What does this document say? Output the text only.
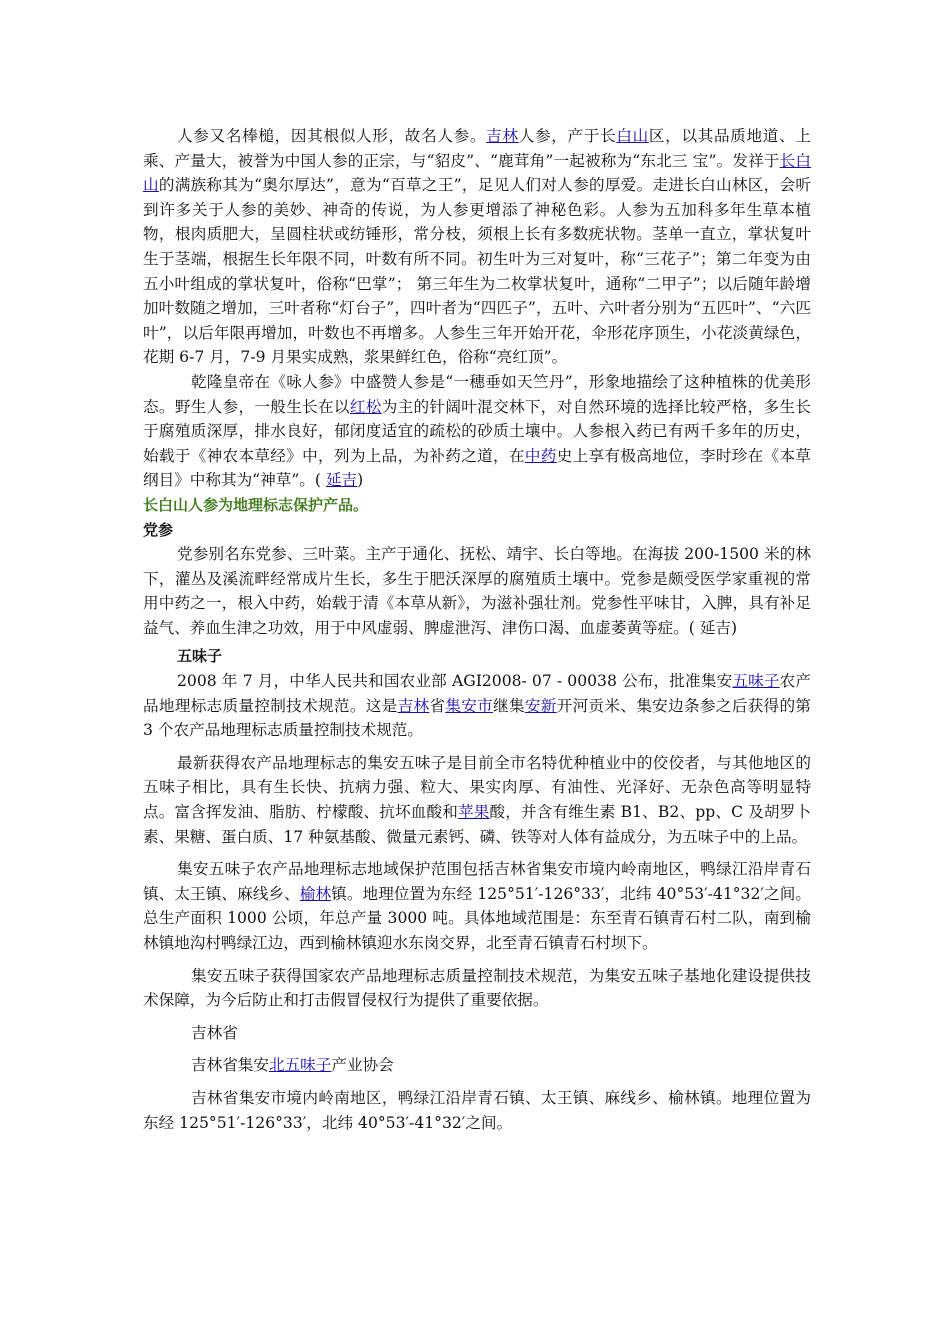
人参又名棒槌，因其根似人形，故名人参。吉林人参，产于长白山区，以其品质地道、上乘、产量大，被誉为中国人参的正宗，与“貂皮”、“鹿茸角”一起被称为“东北三 宝”。发祥于长白山的满族称其为“奥尔厚达”，意为“百草之王”，足见人们对人参的厚爱。走进长白山林区，会听到许多关于人参的美妙、神奇的传说，为人参更增添了神秘色彩。人参为五加科多年生草本植物，根肉质肥大，呈圆柱状或纺锤形，常分枝，须根上长有多数疣状物。茎单一直立，掌状复叶生于茎端，根据生长年限不同，叶数有所不同。初生叶为三对复叶，称“三花子”；第二年变为由五小叶组成的掌状复叶，俗称“巴掌”； 第三年生为二枚掌状复叶，通称“二甲子”；以后随年龄增加叶数随之增加，三叶者称“灯台子”，四叶者为“四匹子”，五叶、六叶者分别为“五匹叶”、“六匹叶”，以后年限再增加，叶数也不再增多。人参生三年开始开花，伞形花序顶生，小花淡黄绿色，花期 6-7 月，7-9 月果实成熟，浆果鲜红色，俗称“亮红顶”。

乾隆皇帝在《咏人参》中盛赞人参是“一穗垂如天竺丹”，形象地描绘了这种植株的优美形态。野生人参，一般生长在以红松为主的针阔叶混交林下，对自然环境的选择比较严格，多生长于腐殖质深厚，排水良好，郁闭度适宜的疏松的砂质土壤中。人参根入药已有两千多年的历史，始载于《神农本草经》中，列为上品，为补药之道，在中药史上享有极高地位，李时珍在《本草纲目》中称其为“神草”。( 延吉)

长白山人参为地理标志保护产品。

党参

党参别名东党参、三叶菜。主产于通化、抚松、靖宇、长白等地。在海拔 200-1500 米的林下，灌丛及溪流畔经常成片生长，多生于肥沃深厚的腐殖质土壤中。党参是颇受医学家重视的常用中药之一，根入中药，始载于清《本草从新》，为滋补强壮剂。党参性平味甘，入脾，具有补足益气、养血生津之功效，用于中风虚弱、脾虚泄泻、津伤口渴、血虚萎黄等症。( 延吉)

五味子

2008 年 7 月，中华人民共和国农业部 AGI2008- 07 - 00038 公布，批准集安五味子农产品地理标志质量控制技术规范。这是吉林省集安市继集安新开河贡米、集安边条参之后获得的第 3 个农产品地理标志质量控制技术规范。

最新获得农产品地理标志的集安五味子是目前全市名特优种植业中的佼佼者，与其他地区的五味子相比，具有生长快、抗病力强、粒大、果实肉厚、有油性、光泽好、无杂色高等明显特点。富含挥发油、脂肪、柠檬酸、抗坏血酸和苹果酸，并含有维生素 B1、B2、pp、C 及胡罗卜素、果糖、蛋白质、17 种氨基酸、微量元素钙、磷、铁等对人体有益成分，为五味子中的上品。

集安五味子农产品地理标志地域保护范围包括吉林省集安市境内岭南地区，鸭绿江沿岸青石镇、太王镇、麻线乡、榆林镇。地理位置为东经 125°51′-126°33′，北纬 40°53′-41°32′之间。总生产面积 1000 公顷，年总产量 3000 吨。具体地域范围是：东至青石镇青石村二队，南到榆林镇地沟村鸭绿江边，西到榆林镇迎水东岗交界，北至青石镇青石村坝下。

集安五味子获得国家农产品地理标志质量控制技术规范，为集安五味子基地化建设提供技术保障，为今后防止和打击假冒侵权行为提供了重要依据。

吉林省

吉林省集安北五味子产业协会

吉林省集安市境内岭南地区，鸭绿江沿岸青石镇、太王镇、麻线乡、榆林镇。地理位置为东经 125°51′-126°33′，北纬 40°53′-41°32′之间。
